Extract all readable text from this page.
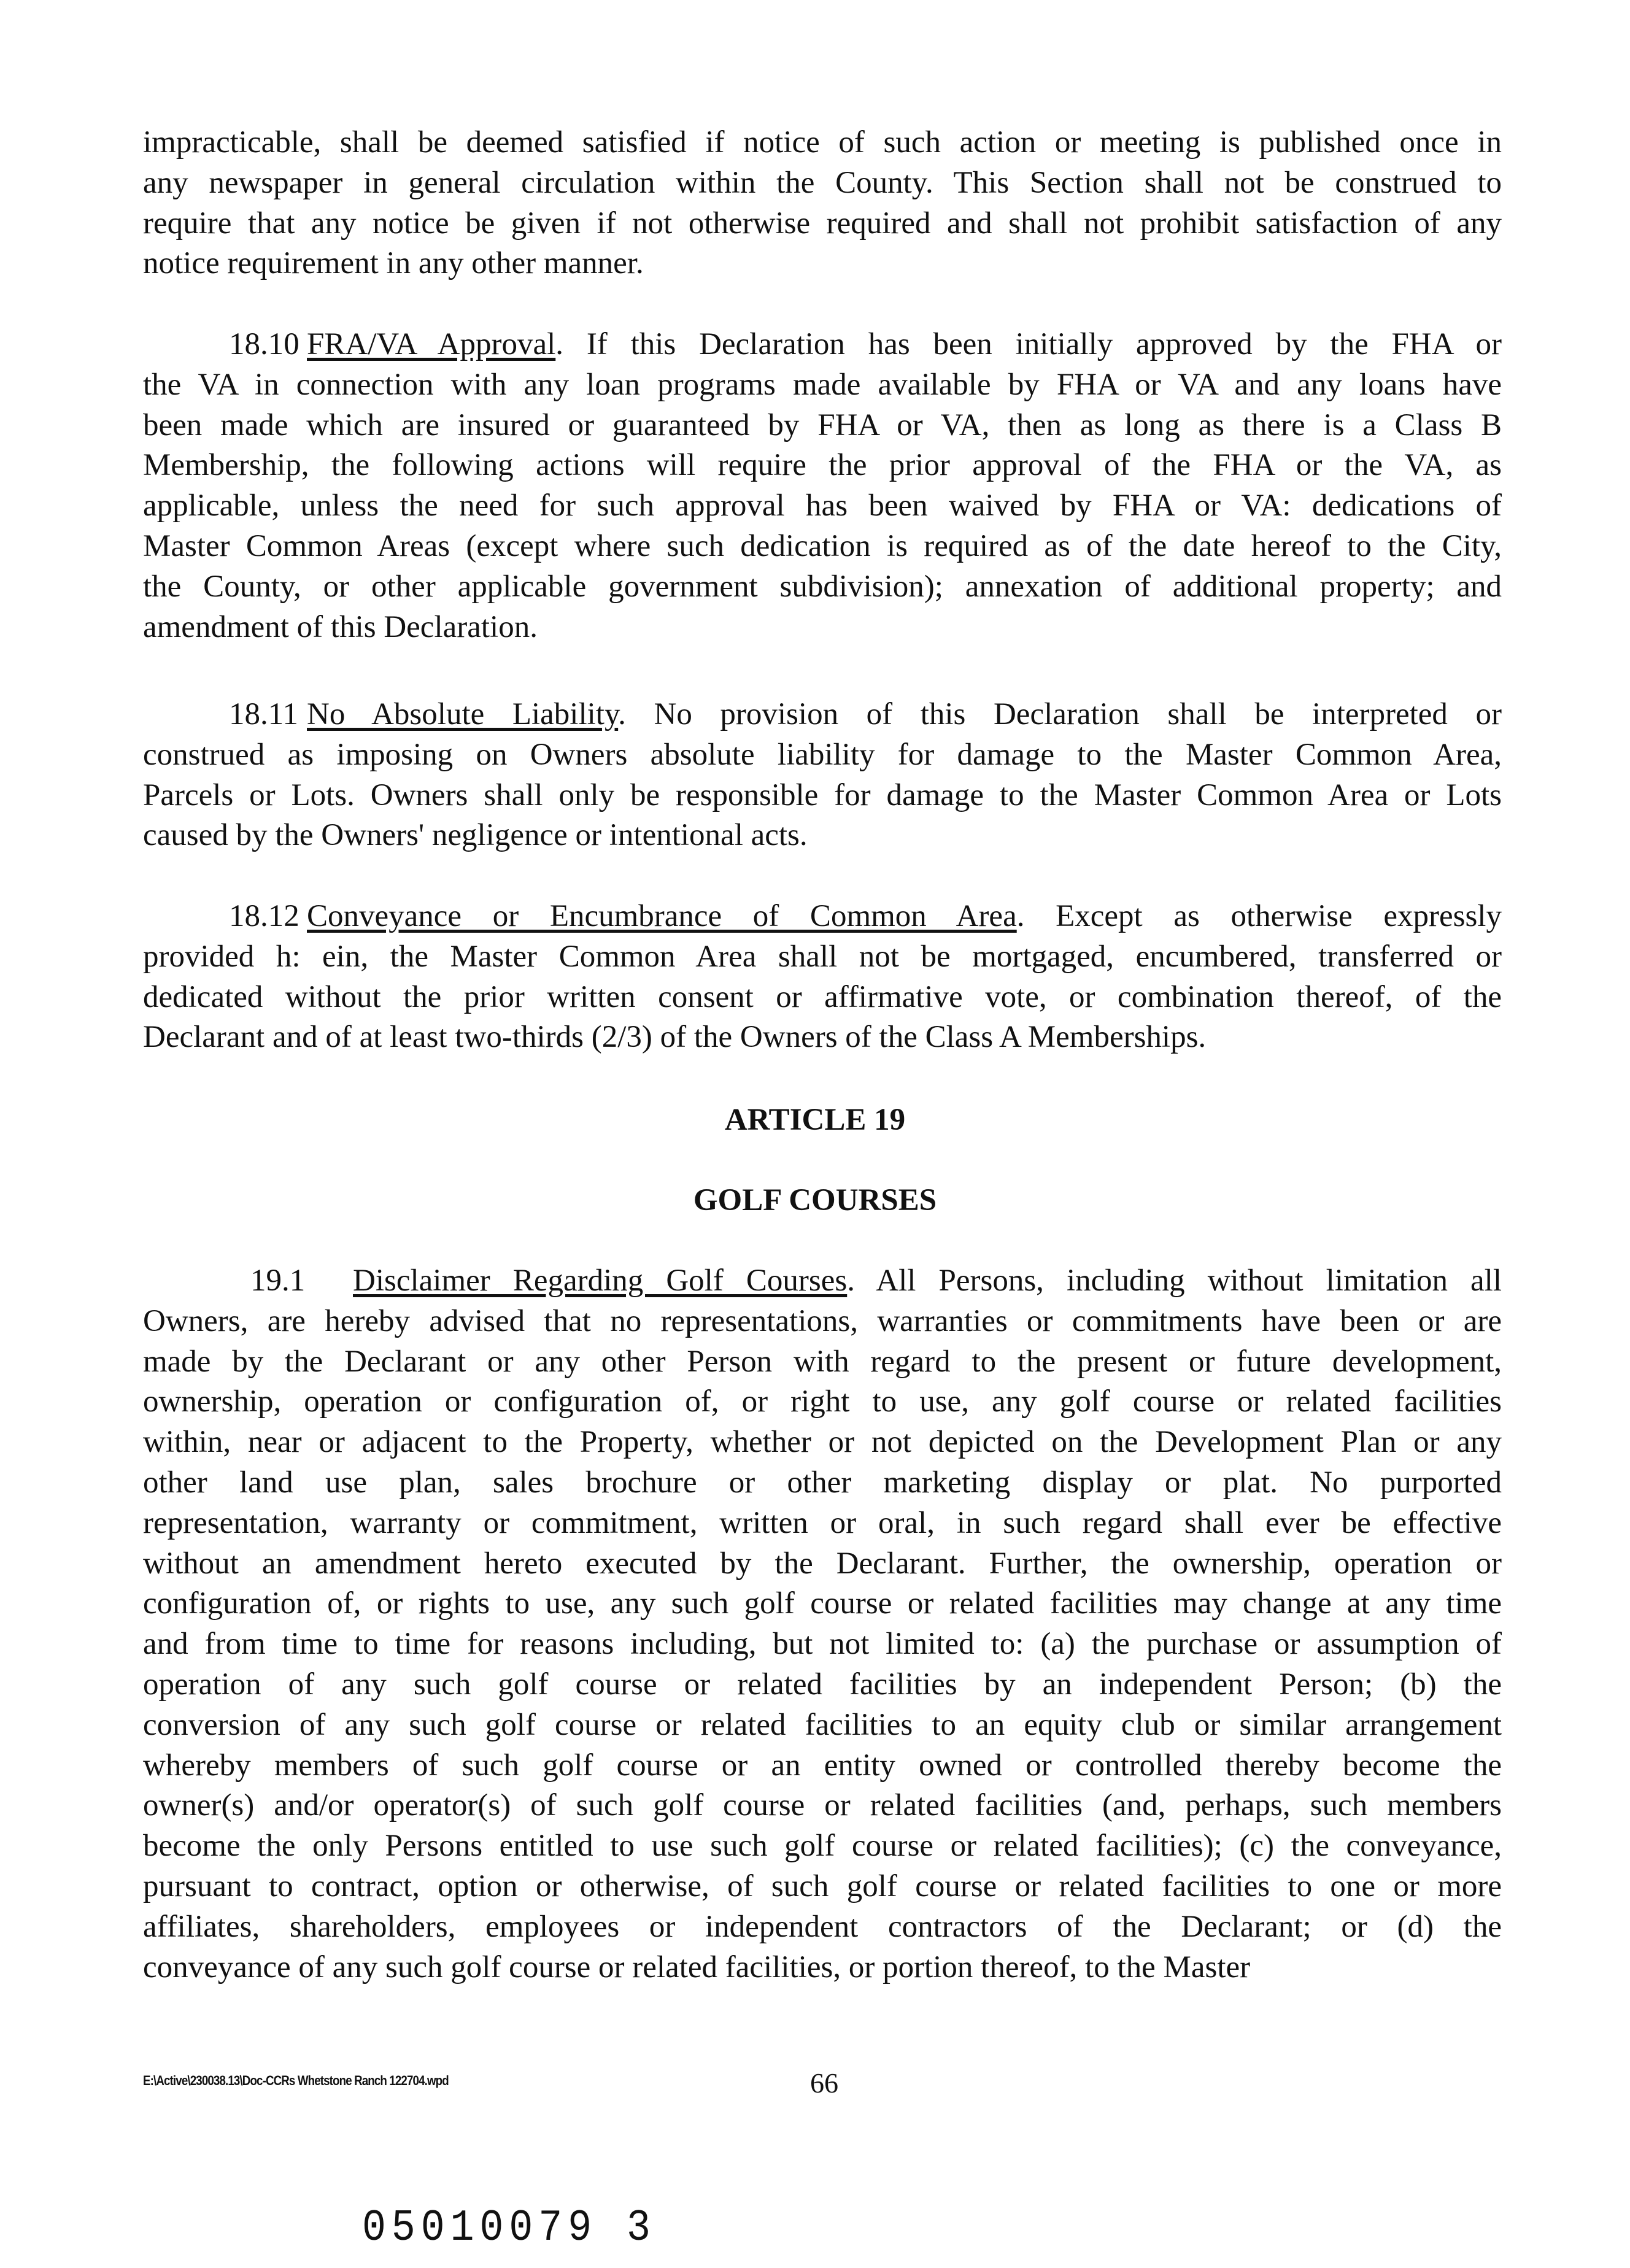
impracticable, shall be deemed satisfied if notice of such action or meeting is published once in
any newspaper in general circulation within the County. This Section shall not be construed to
require that any notice be given if not otherwise required and shall not prohibit satisfaction of any
notice requirement in any other manner.
18.10 FRA/VA Approval. If this Declaration has been initially approved by the FHA or
the VA in connection with any loan programs made available by FHA or VA and any loans have
been made which are insured or guaranteed by FHA or VA, then as long as there is a Class B
Membership, the following actions will require the prior approval of the FHA or the VA, as
applicable, unless the need for such approval has been waived by FHA or VA: dedications of
Master Common Areas (except where such dedication is required as of the date hereof to the City,
the County, or other applicable government subdivision); annexation of additional property; and
amendment of this Declaration.
18.11 No Absolute Liability. No provision of this Declaration shall be interpreted or
construed as imposing on Owners absolute liability for damage to the Master Common Area,
Parcels or Lots. Owners shall only be responsible for damage to the Master Common Area or Lots
caused by the Owners' negligence or intentional acts.
18.12 Conveyance or Encumbrance of Common Area. Except as otherwise expressly
provided h: ein, the Master Common Area shall not be mortgaged, encumbered, transferred or
dedicated without the prior written consent or affirmative vote, or combination thereof, of the
Declarant and of at least two-thirds (2/3) of the Owners of the Class A Memberships.
ARTICLE 19
GOLF COURSES
19.1 Disclaimer Regarding Golf Courses. All Persons, including without limitation all
Owners, are hereby advised that no representations, warranties or commitments have been or are
made by the Declarant or any other Person with regard to the present or future development,
ownership, operation or configuration of, or right to use, any golf course or related facilities
within, near or adjacent to the Property, whether or not depicted on the Development Plan or any
other land use plan, sales brochure or other marketing display or plat. No purported
representation, warranty or commitment, written or oral, in such regard shall ever be effective
without an amendment hereto executed by the Declarant. Further, the ownership, operation or
configuration of, or rights to use, any such golf course or related facilities may change at any time
and from time to time for reasons including, but not limited to: (a) the purchase or assumption of
operation of any such golf course or related facilities by an independent Person; (b) the
conversion of any such golf course or related facilities to an equity club or similar arrangement
whereby members of such golf course or an entity owned or controlled thereby become the
owner(s) and/or operator(s) of such golf course or related facilities (and, perhaps, such members
become the only Persons entitled to use such golf course or related facilities); (c) the conveyance,
pursuant to contract, option or otherwise, of such golf course or related facilities to one or more
affiliates, shareholders, employees or independent contractors of the Declarant; or (d) the
conveyance of any such golf course or related facilities, or portion thereof, to the Master
E:\Active\230038.13\Doc-CCRs Whetstone Ranch 122704.wpd	66
05010079 3
